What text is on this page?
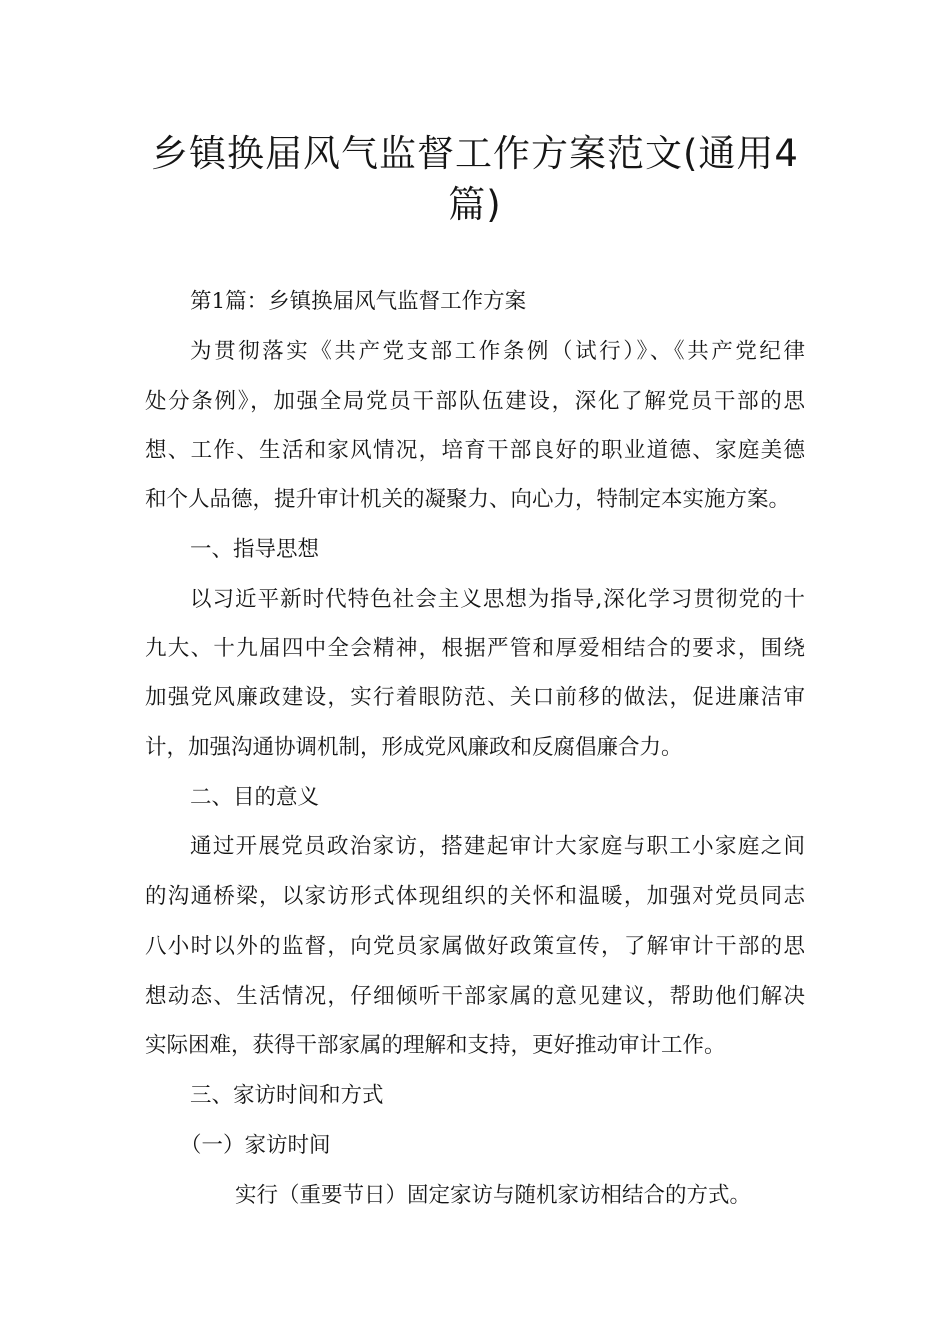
乡镇换届风气监督工作方案范文(通用4
篇)
第1篇：乡镇换届风气监督工作方案
为贯彻落实《共产党支部工作条例（试行）》、《共产党纪律
处分条例》，加强全局党员干部队伍建设，深化了解党员干部的思
想、工作、生活和家风情况，培育干部良好的职业道德、家庭美德
和个人品德，提升审计机关的凝聚力、向心力，特制定本实施方案。
一、指导思想
以习近平新时代特色社会主义思想为指导,深化学习贯彻党的十
九大、十九届四中全会精神，根据严管和厚爱相结合的要求，围绕
加强党风廉政建设，实行着眼防范、关口前移的做法，促进廉洁审
计，加强沟通协调机制，形成党风廉政和反腐倡廉合力。
二、目的意义
通过开展党员政治家访，搭建起审计大家庭与职工小家庭之间
的沟通桥梁，以家访形式体现组织的关怀和温暖，加强对党员同志
八小时以外的监督，向党员家属做好政策宣传，了解审计干部的思
想动态、生活情况，仔细倾听干部家属的意见建议，帮助他们解决
实际困难，获得干部家属的理解和支持，更好推动审计工作。
三、家访时间和方式
（一）家访时间
实行（重要节日）固定家访与随机家访相结合的方式。
